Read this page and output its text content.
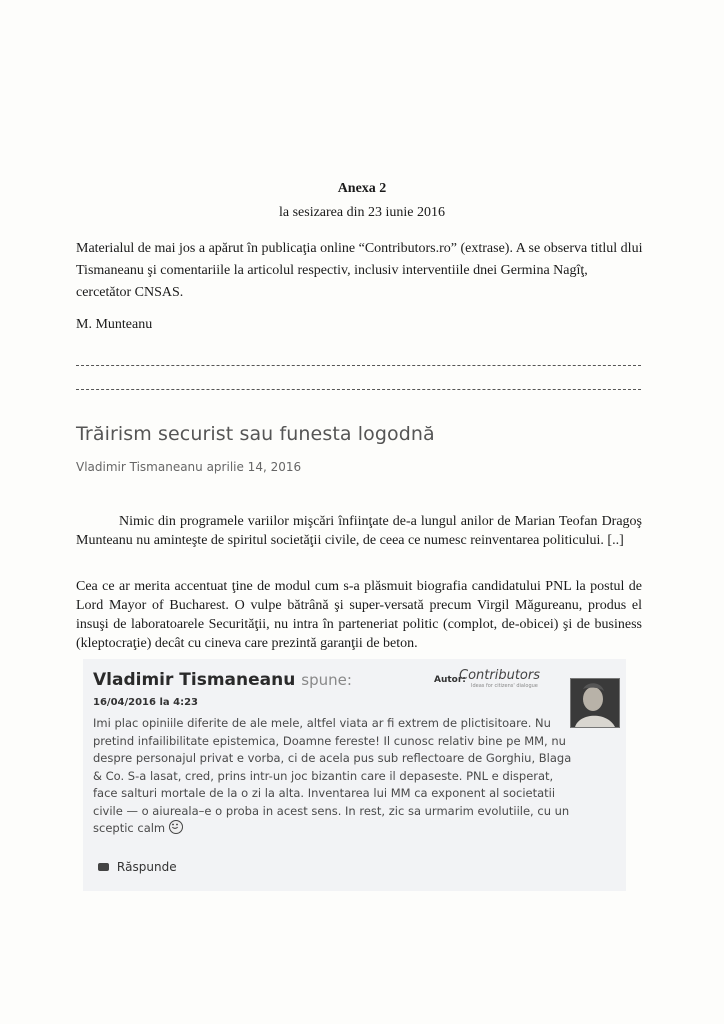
Anexa 2
la sesizarea din 23 iunie 2016
Materialul de mai jos a apărut în publicaţia online “Contributors.ro” (extrase). A se observa titlul dlui Tismaneanu şi comentariile la articolul respectiv, inclusiv interventiile dnei Germina Nagîţ, cercetător CNSAS.
M. Munteanu
Trăirism securist sau funesta logodnă
Vladimir Tismaneanu aprilie 14, 2016
Nimic din programele variilor mişcări înfiinţate de-a lungul anilor de Marian Teofan Dragoş Munteanu nu aminteşte de spiritul societăţii civile, de ceea ce numesc reinventarea politicului. [..]
Cea ce ar merita accentuat ţine de modul cum s-a plăsmuit biografia candidatului PNL la postul de Lord Mayor of Bucharest. O vulpe bătrână şi super-versată precum Virgil Măgureanu, produs el insuşi de laboratoarele Securităţii, nu intra în parteneriat politic (complot, de-obicei) şi de business (kleptocraţie) decât cu cineva care prezintă garanţii de beton.
Vladimir Tismaneanu spune:	Autor:
Contributors
Ideas for citizens' dialogue
16/04/2016 la 4:23
Imi plac opiniile diferite de ale mele, altfel viata ar fi extrem de plictisitoare. Nu pretind infailibilitate epistemica, Doamne fereste! Il cunosc relativ bine pe MM, nu despre personajul privat e vorba, ci de acela pus sub reflectoare de Gorghiu, Blaga & Co. S-a lasat, cred, prins intr-un joc bizantin care il depaseste. PNL e disperat, face salturi mortale de la o zi la alta. Inventarea lui MM ca exponent al societatii civile — o aiureala–e o proba in acest sens. In rest, zic sa urmarim evolutiile, cu un sceptic calm
Răspunde
